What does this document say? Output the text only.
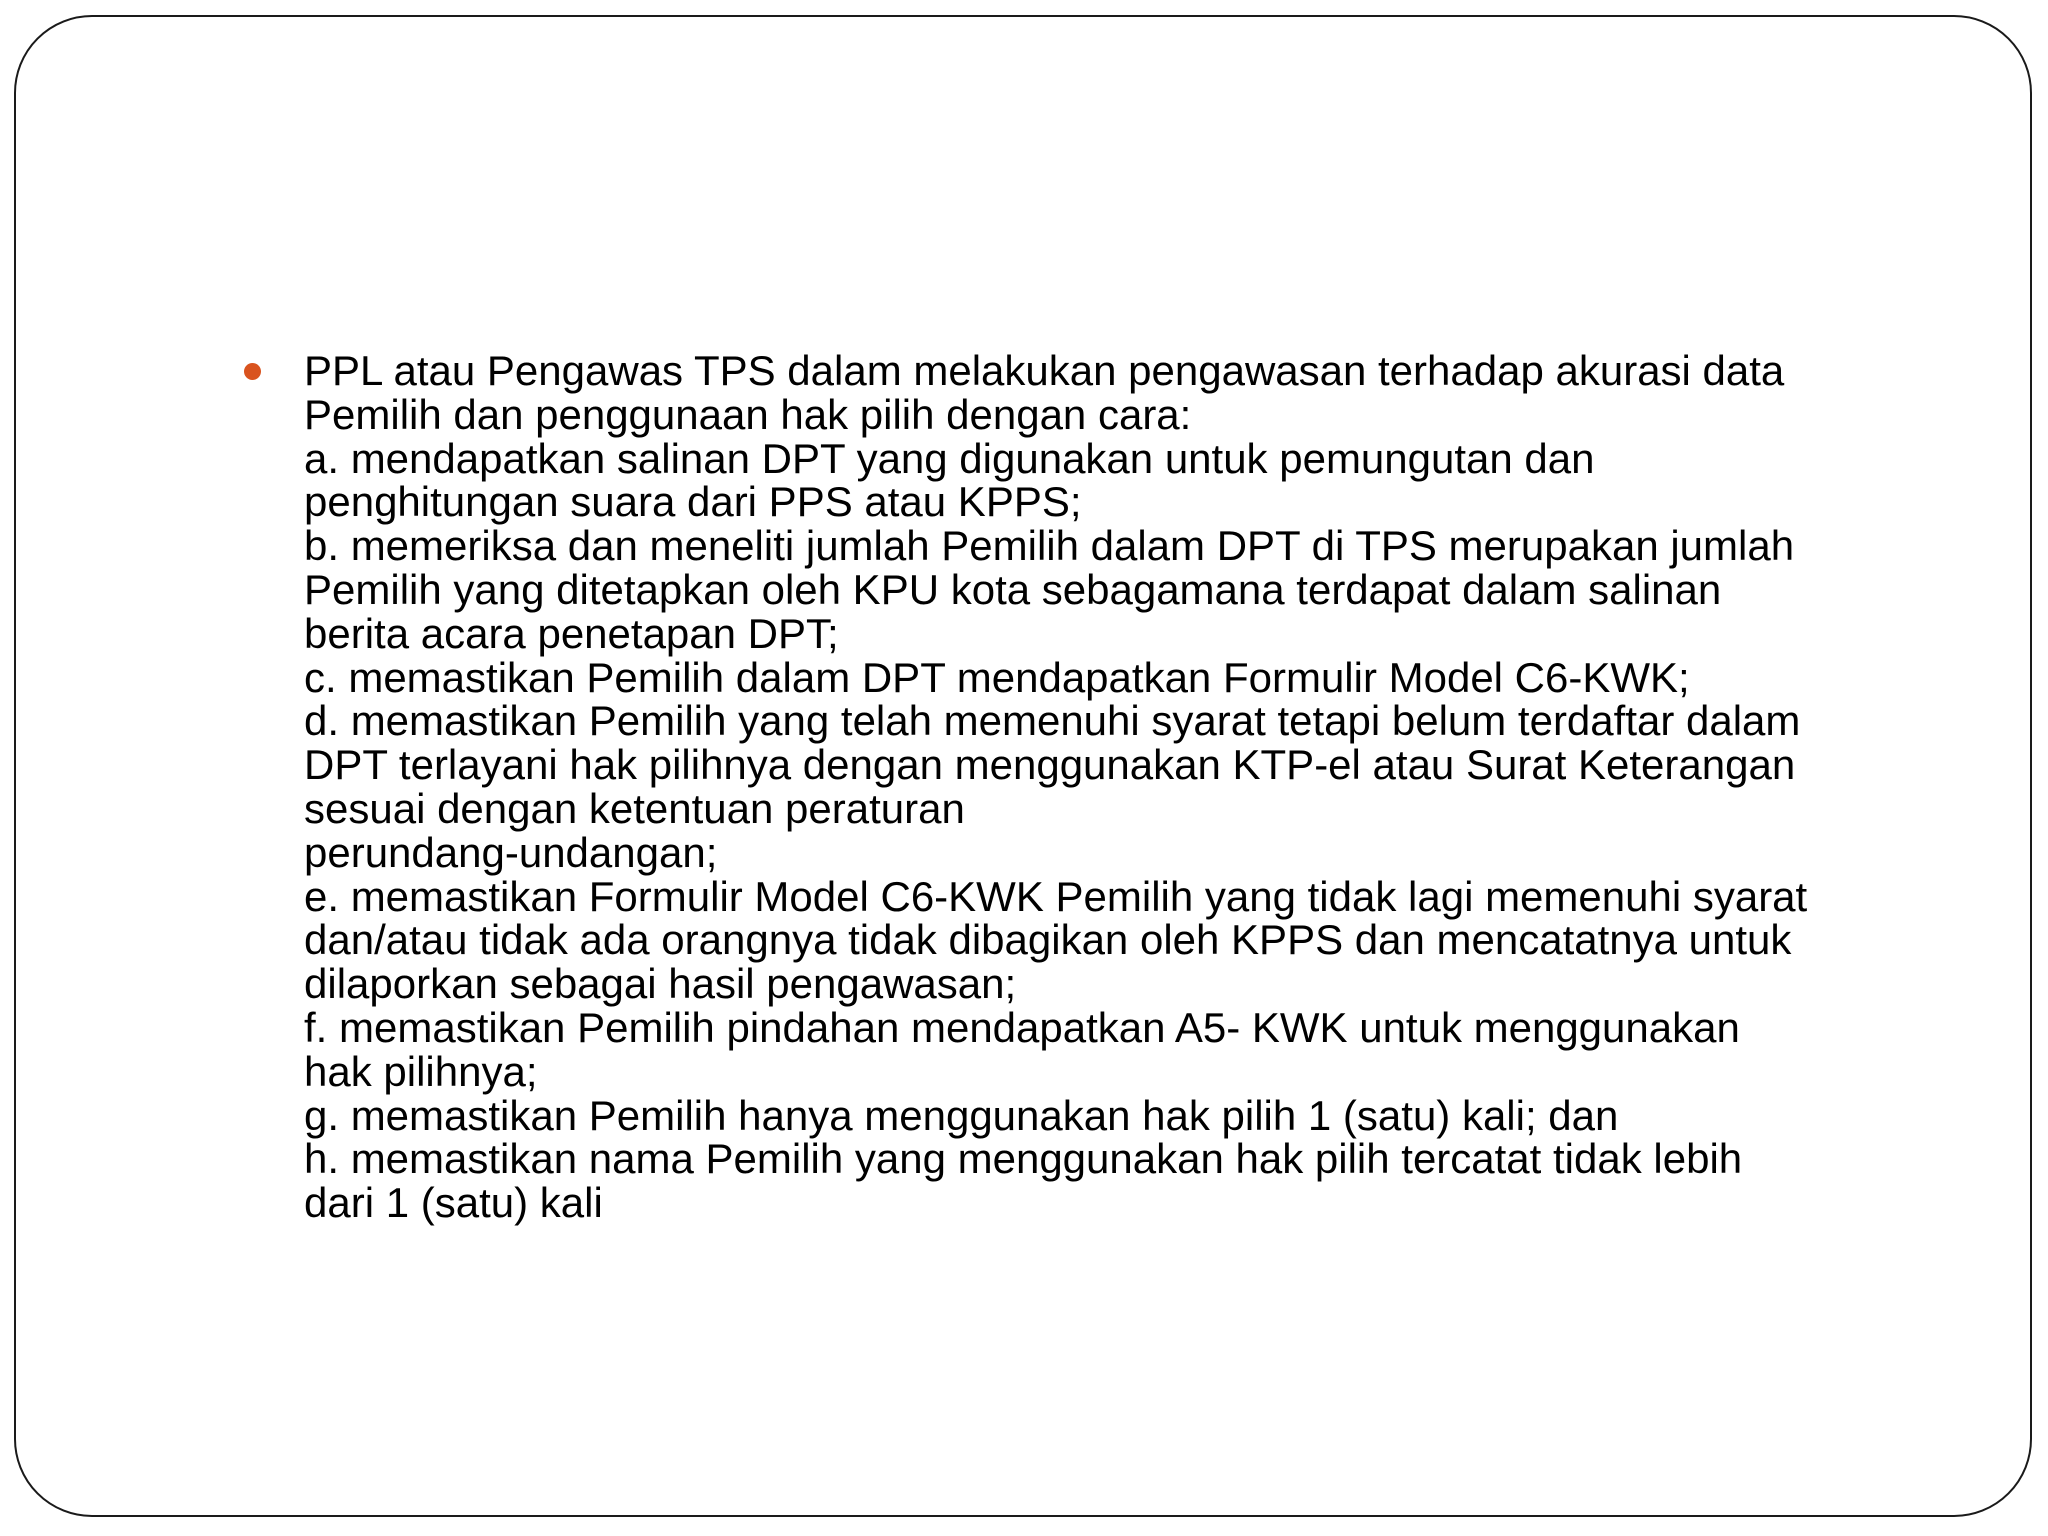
PPL atau Pengawas TPS dalam melakukan pengawasan terhadap akurasi data
Pemilih dan penggunaan hak pilih dengan cara:
a. mendapatkan salinan DPT yang digunakan untuk pemungutan dan
penghitungan suara dari PPS atau KPPS;
b. memeriksa dan meneliti jumlah Pemilih dalam DPT di TPS merupakan jumlah
Pemilih yang ditetapkan oleh KPU kota sebagamana terdapat dalam salinan
berita acara penetapan DPT;
c. memastikan Pemilih dalam DPT mendapatkan Formulir Model C6-KWK;
d. memastikan Pemilih yang telah memenuhi syarat tetapi belum terdaftar dalam
DPT terlayani hak pilihnya dengan menggunakan KTP-el atau Surat Keterangan
sesuai dengan ketentuan peraturan
perundang-undangan;
e. memastikan Formulir Model C6-KWK Pemilih yang tidak lagi memenuhi syarat
dan/atau tidak ada orangnya tidak dibagikan oleh KPPS dan mencatatnya untuk
dilaporkan sebagai hasil pengawasan;
f. memastikan Pemilih pindahan mendapatkan A5- KWK untuk menggunakan
hak pilihnya;
g. memastikan Pemilih hanya menggunakan hak pilih 1 (satu) kali; dan
h. memastikan nama Pemilih yang menggunakan hak pilih tercatat tidak lebih
dari 1 (satu) kali
